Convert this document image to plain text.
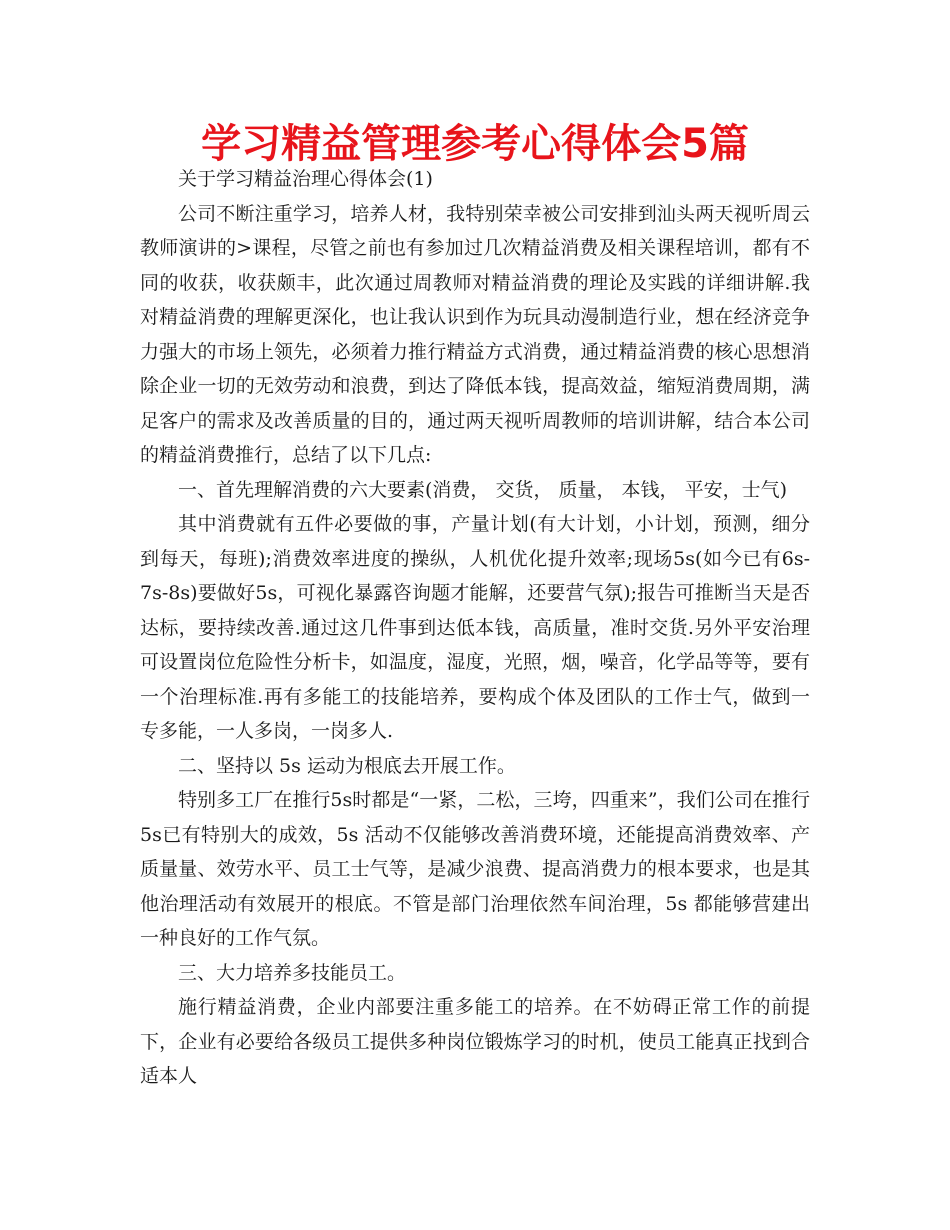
学习精益管理参考心得体会5篇

关于学习精益治理心得体会(1)

公司不断注重学习，培养人材，我特别荣幸被公司安排到汕头两天视听周云教师演讲的>课程，尽管之前也有参加过几次精益消费及相关课程培训，都有不同的收获，收获颇丰，此次通过周教师对精益消费的理论及实践的详细讲解.我对精益消费的理解更深化，也让我认识到作为玩具动漫制造行业，想在经济竞争力强大的市场上领先，必须着力推行精益方式消费，通过精益消费的核心思想消除企业一切的无效劳动和浪费，到达了降低本钱，提高效益，缩短消费周期，满足客户的需求及改善质量的目的，通过两天视听周教师的培训讲解，结合本公司的精益消费推行，总结了以下几点:

一、首先理解消费的六大要素(消费， 交货， 质量， 本钱， 平安，士气)

其中消费就有五件必要做的事，产量计划(有大计划，小计划，预测，细分到每天，每班);消费效率进度的操纵，人机优化提升效率;现场5s(如今已有6s-7s-8s)要做好5s，可视化暴露咨询题才能解，还要营气氛);报告可推断当天是否达标，要持续改善.通过这几件事到达低本钱，高质量，准时交货.另外平安治理可设置岗位危险性分析卡，如温度，湿度，光照，烟，噪音，化学品等等，要有一个治理标准.再有多能工的技能培养，要构成个体及团队的工作士气，做到一专多能，一人多岗，一岗多人.

二、坚持以 5s 运动为根底去开展工作。

特别多工厂在推行5s时都是“一紧，二松，三垮，四重来”，我们公司在推行5s已有特别大的成效，5s 活动不仅能够改善消费环境，还能提高消费效率、产质量量、效劳水平、员工士气等，是减少浪费、提高消费力的根本要求，也是其他治理活动有效展开的根底。不管是部门治理依然车间治理，5s 都能够营建出一种良好的工作气氛。

三、大力培养多技能员工。

施行精益消费，企业内部要注重多能工的培养。在不妨碍正常工作的前提下，企业有必要给各级员工提供多种岗位锻炼学习的时机，使员工能真正找到合适本人
